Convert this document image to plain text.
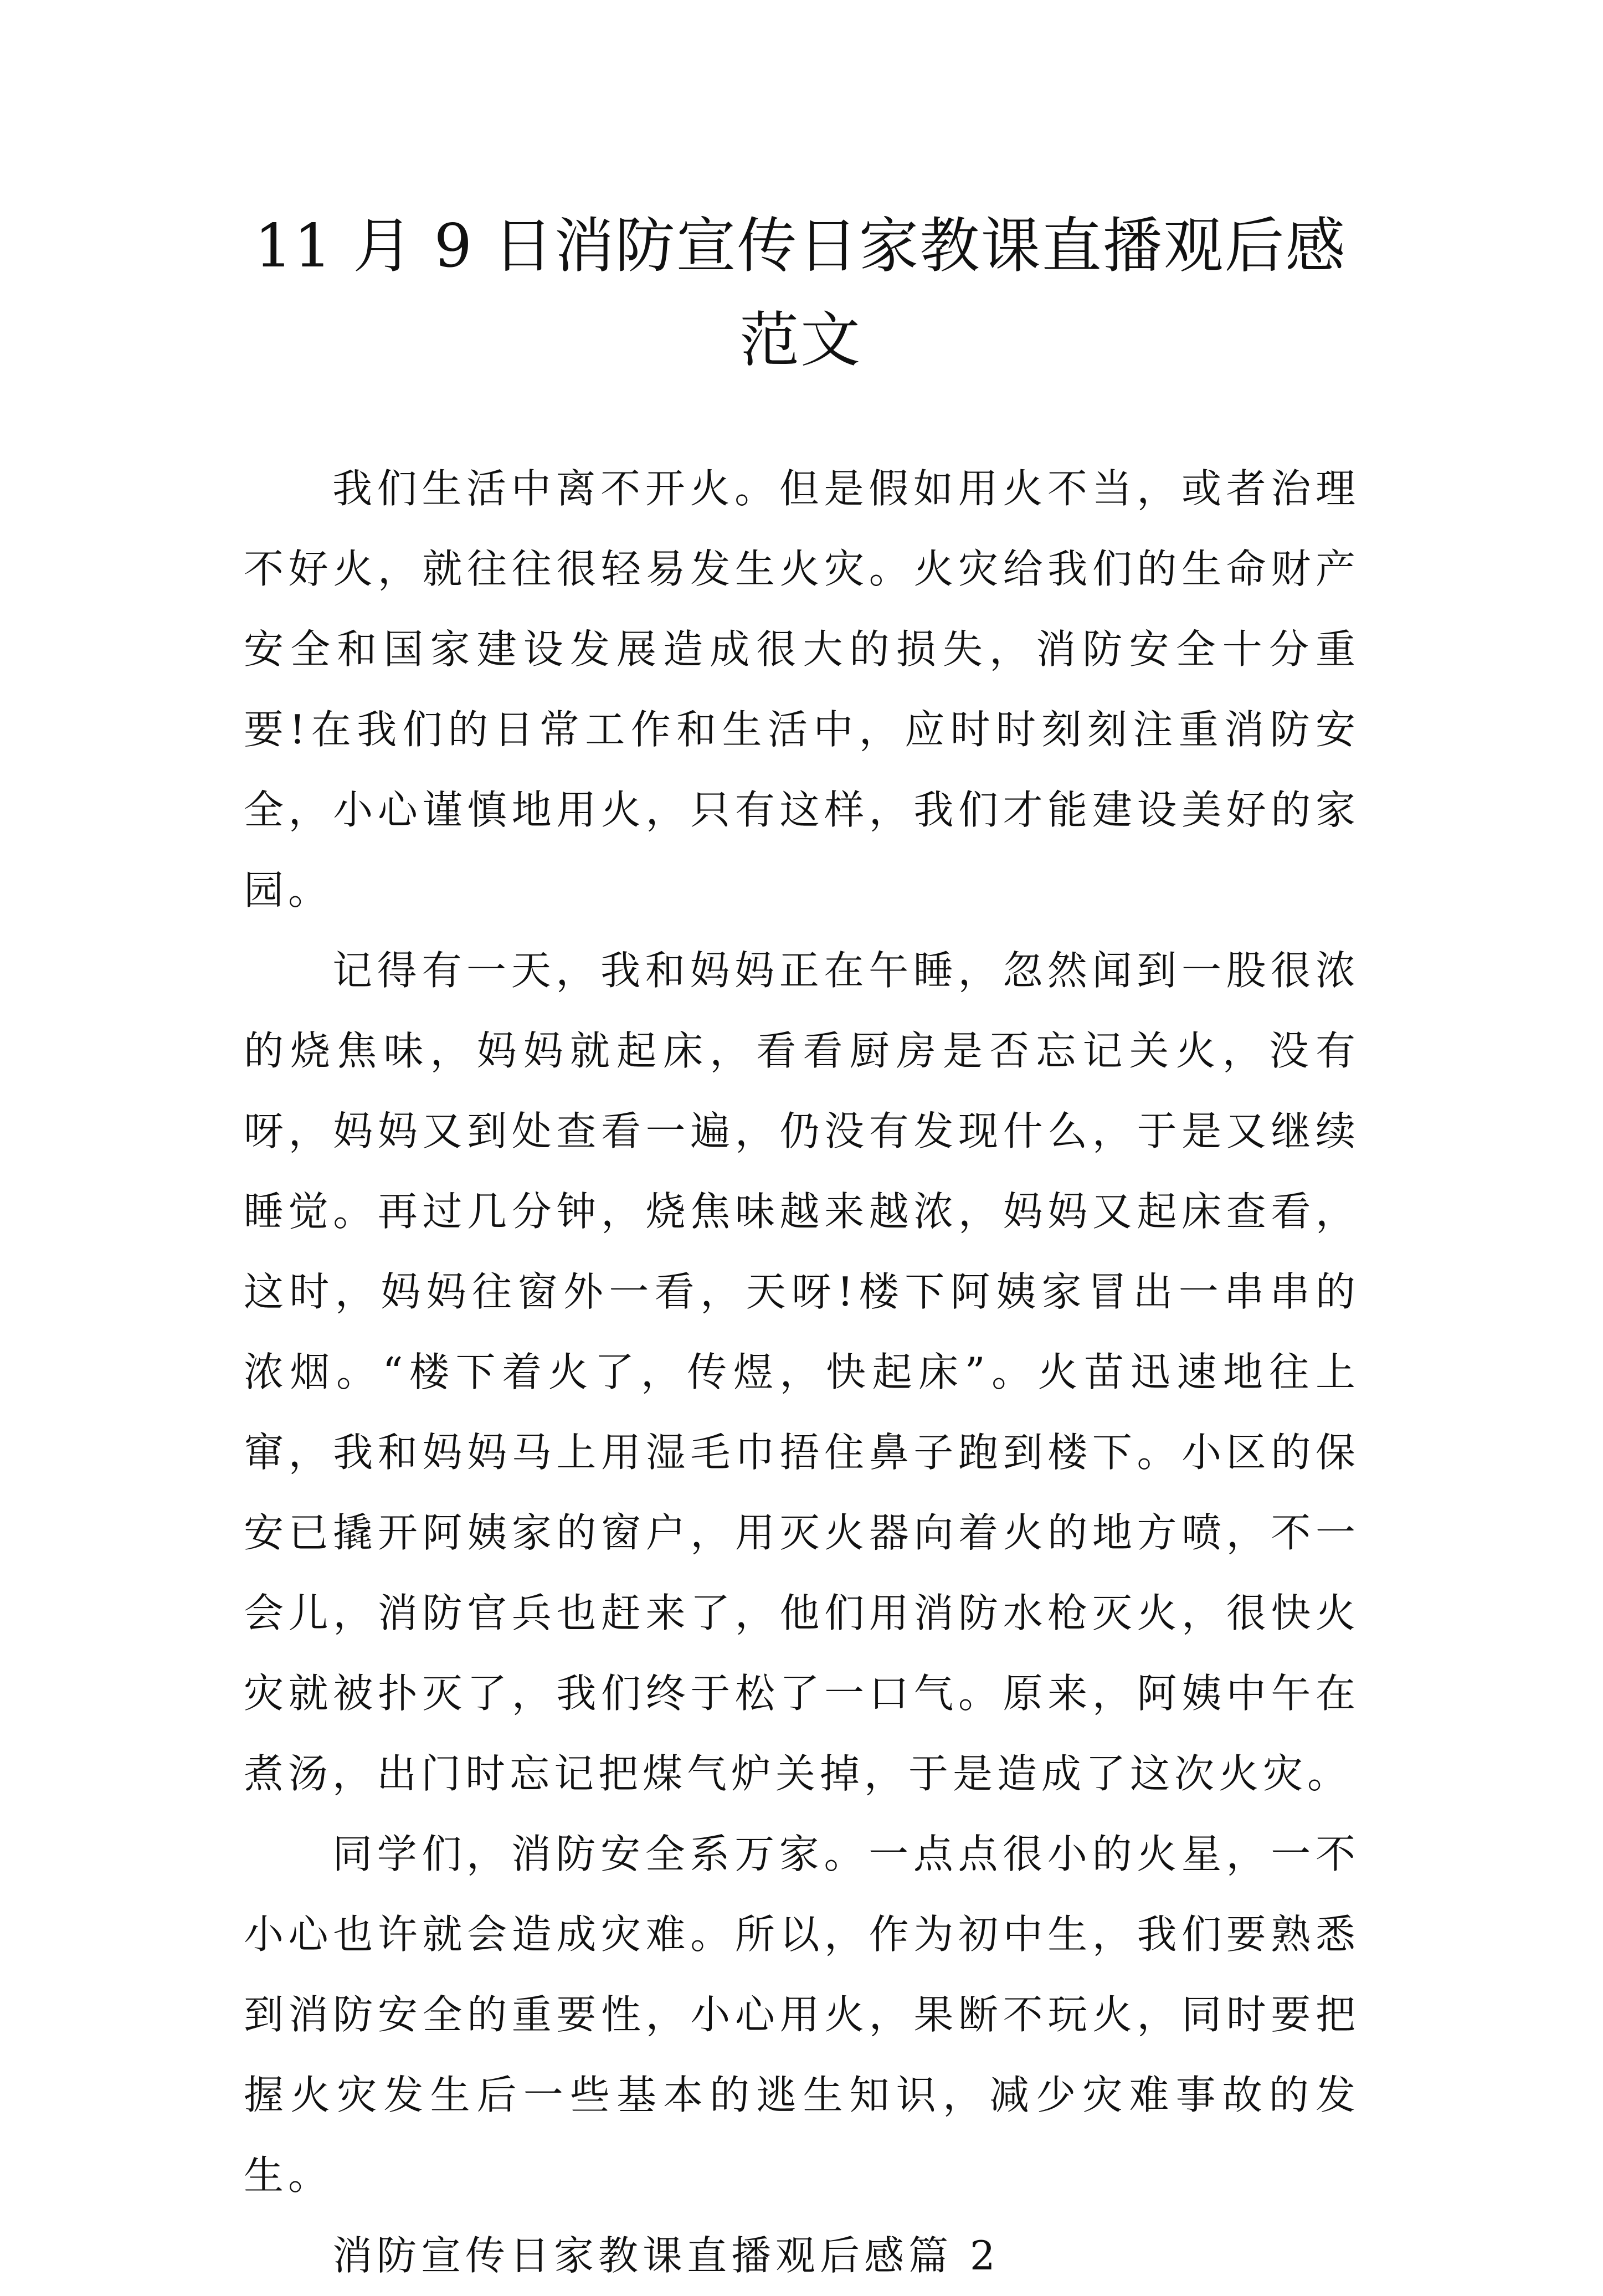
11 月 9 日消防宣传日家教课直播观后感范文

我们生活中离不开火。但是假如用火不当，或者治理不好火，就往往很轻易发生火灾。火灾给我们的生命财产安全和国家建设发展造成很大的损失，消防安全十分重要!在我们的日常工作和生活中，应时时刻刻注重消防安全，小心谨慎地用火，只有这样，我们才能建设美好的家园。

记得有一天，我和妈妈正在午睡，忽然闻到一股很浓的烧焦味，妈妈就起床，看看厨房是否忘记关火，没有呀，妈妈又到处查看一遍，仍没有发现什么，于是又继续睡觉。再过几分钟，烧焦味越来越浓，妈妈又起床查看，这时，妈妈往窗外一看，天呀!楼下阿姨家冒出一串串的浓烟。“楼下着火了，传煜，快起床”。火苗迅速地往上窜，我和妈妈马上用湿毛巾捂住鼻子跑到楼下。小区的保安已撬开阿姨家的窗户，用灭火器向着火的地方喷，不一会儿，消防官兵也赶来了，他们用消防水枪灭火，很快火灾就被扑灭了，我们终于松了一口气。原来，阿姨中午在煮汤，出门时忘记把煤气炉关掉，于是造成了这次火灾。

同学们，消防安全系万家。一点点很小的火星，一不小心也许就会造成灾难。所以，作为初中生，我们要熟悉到消防安全的重要性，小心用火，果断不玩火，同时要把握火灾发生后一些基本的逃生知识，减少灾难事故的发生。

消防宣传日家教课直播观后感篇 2
